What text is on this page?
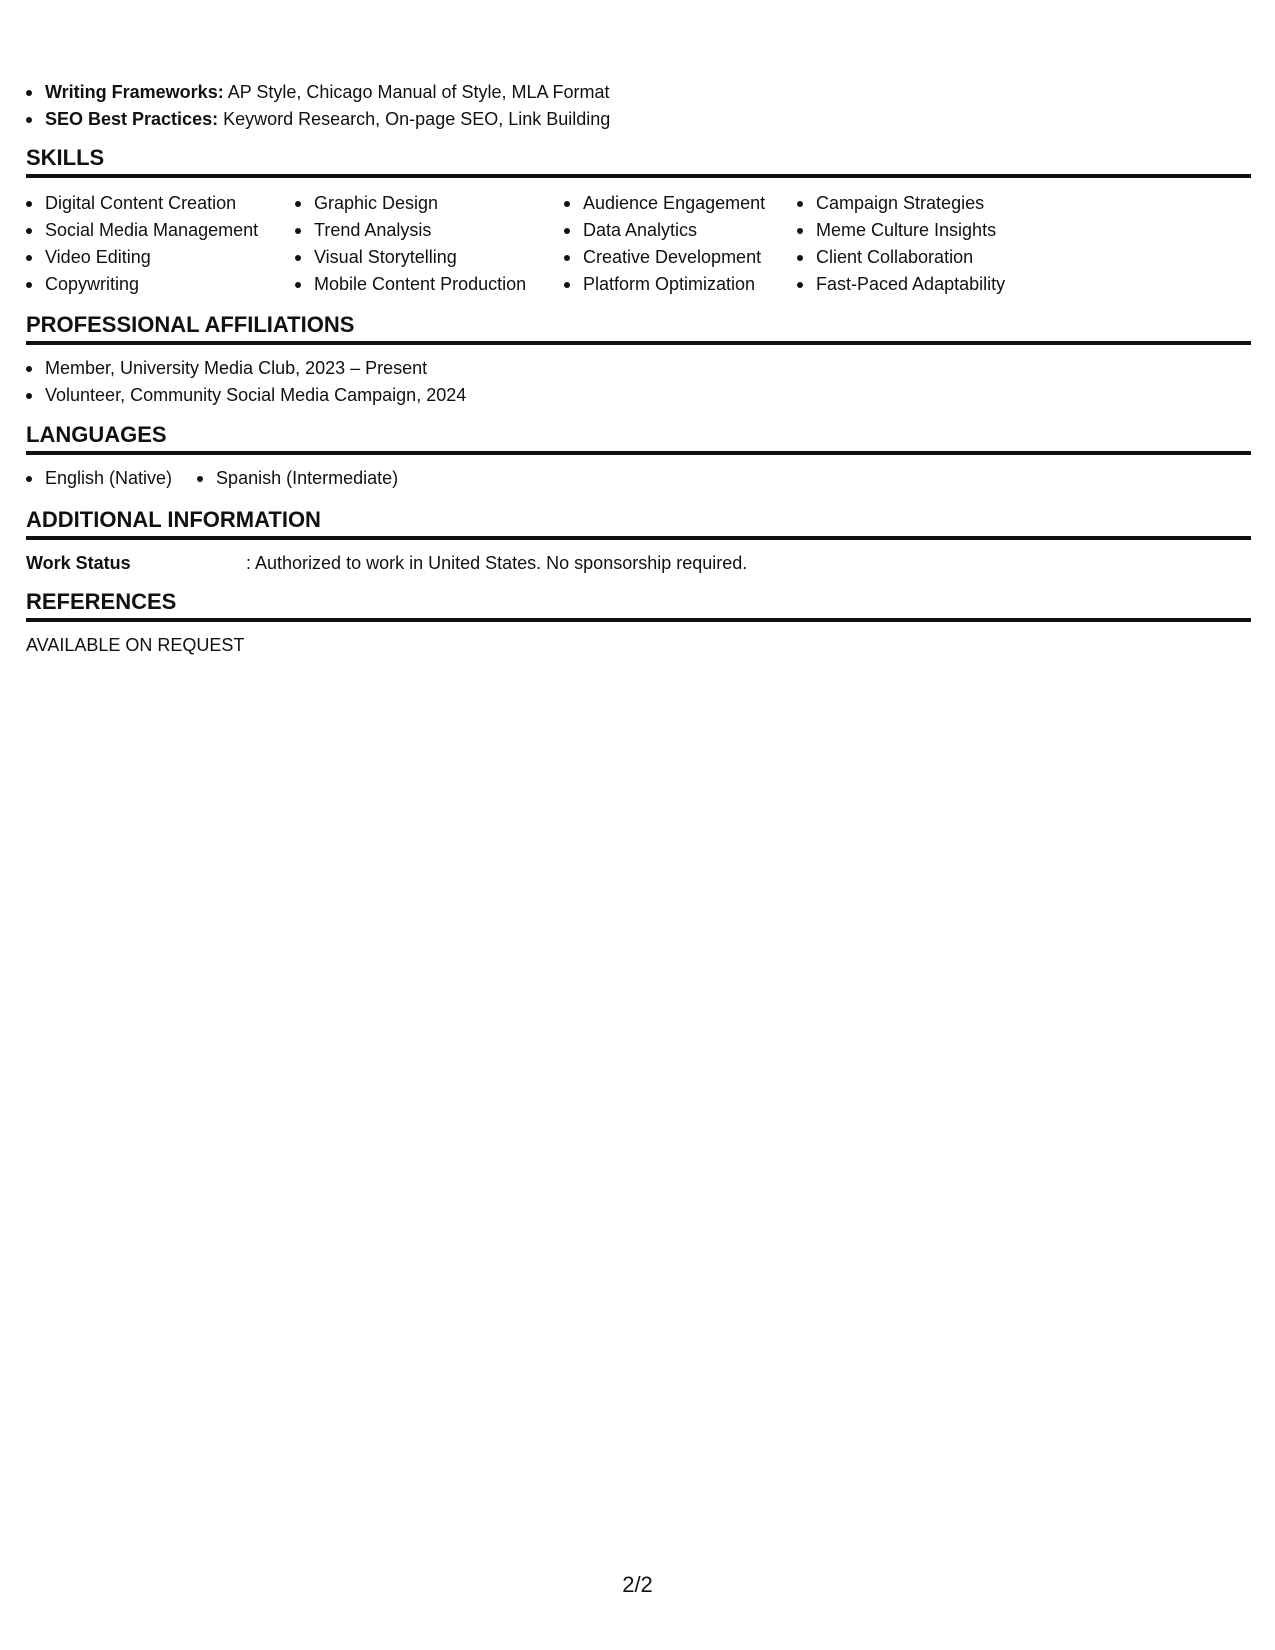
Writing Frameworks: AP Style, Chicago Manual of Style, MLA Format
SEO Best Practices: Keyword Research, On-page SEO, Link Building
SKILLS
Digital Content Creation
Social Media Management
Video Editing
Copywriting
Graphic Design
Trend Analysis
Visual Storytelling
Mobile Content Production
Audience Engagement
Data Analytics
Creative Development
Platform Optimization
Campaign Strategies
Meme Culture Insights
Client Collaboration
Fast-Paced Adaptability
PROFESSIONAL AFFILIATIONS
Member, University Media Club, 2023 – Present
Volunteer, Community Social Media Campaign, 2024
LANGUAGES
English (Native)	Spanish (Intermediate)
ADDITIONAL INFORMATION
Work Status	: Authorized to work in United States. No sponsorship required.
REFERENCES
AVAILABLE ON REQUEST
2/2
